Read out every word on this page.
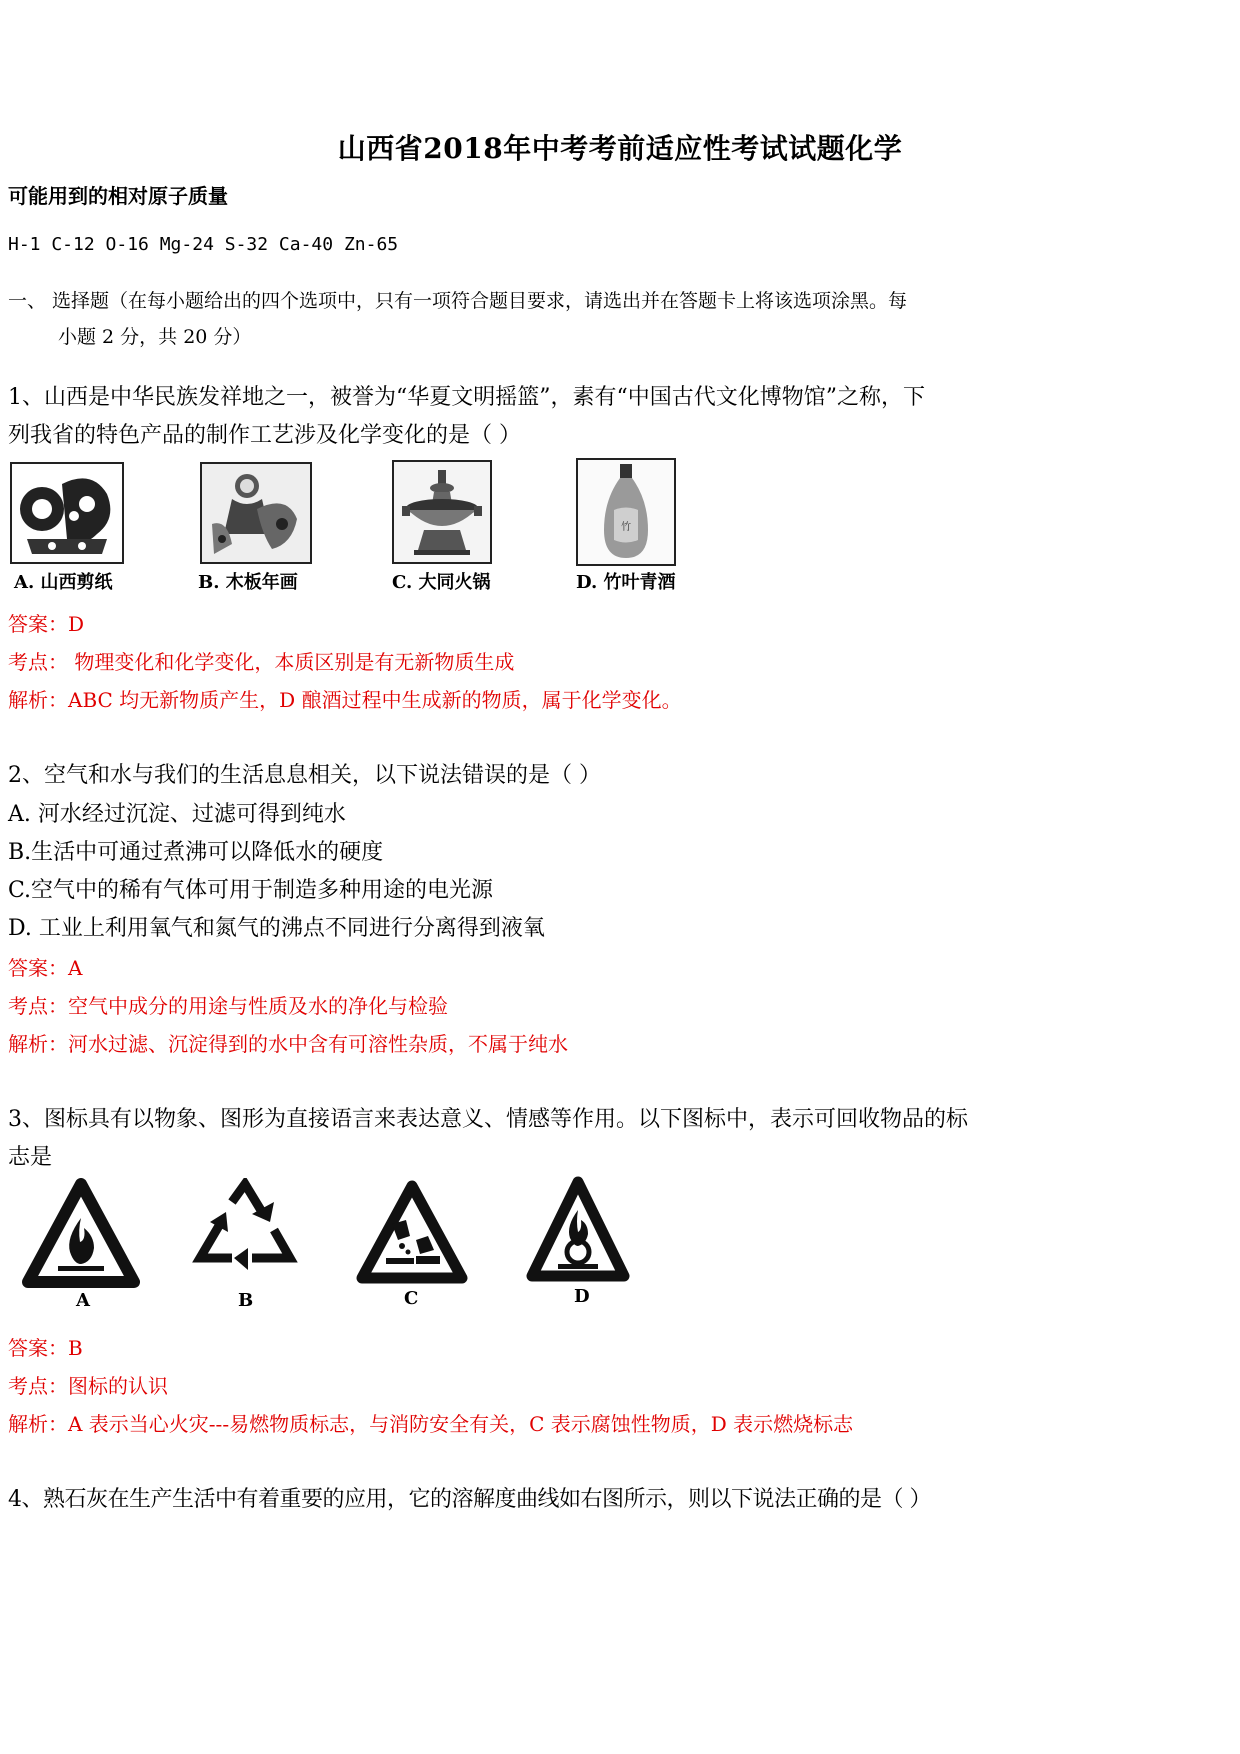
山西省2018年中考考前适应性考试试题化学
可能用到的相对原子质量
H-1 C-12 O-16 Mg-24 S-32 Ca-40 Zn-65
一、 选择题（在每小题给出的四个选项中，只有一项符合题目要求，请选出并在答题卡上将该选项涂黑。每
小题 2 分，共 20 分）
1、山西是中华民族发祥地之一，被誉为“华夏文明摇篮”，素有“中国古代文化博物馆”之称，下
列我省的特色产品的制作工艺涉及化学变化的是（ ）
竹
A. 山西剪纸	B. 木板年画	C. 大同火锅	D. 竹叶青酒
答案：D
考点： 物理变化和化学变化，本质区别是有无新物质生成
解析：ABC 均无新物质产生，D 酿酒过程中生成新的物质，属于化学变化。
2、空气和水与我们的生活息息相关，以下说法错误的是（ ）
A. 河水经过沉淀、过滤可得到纯水
B.生活中可通过煮沸可以降低水的硬度
C.空气中的稀有气体可用于制造多种用途的电光源
D. 工业上利用氧气和氮气的沸点不同进行分离得到液氧
答案：A
考点：空气中成分的用途与性质及水的净化与检验
解析：河水过滤、沉淀得到的水中含有可溶性杂质，不属于纯水
3、图标具有以物象、图形为直接语言来表达意义、情感等作用。以下图标中，表示可回收物品的标
志是
A	B	C	D
答案：B
考点：图标的认识
解析：A 表示当心火灾---易燃物质标志，与消防安全有关，C 表示腐蚀性物质，D 表示燃烧标志
4、熟石灰在生产生活中有着重要的应用，它的溶解度曲线如右图所示，则以下说法正确的是（ ）
